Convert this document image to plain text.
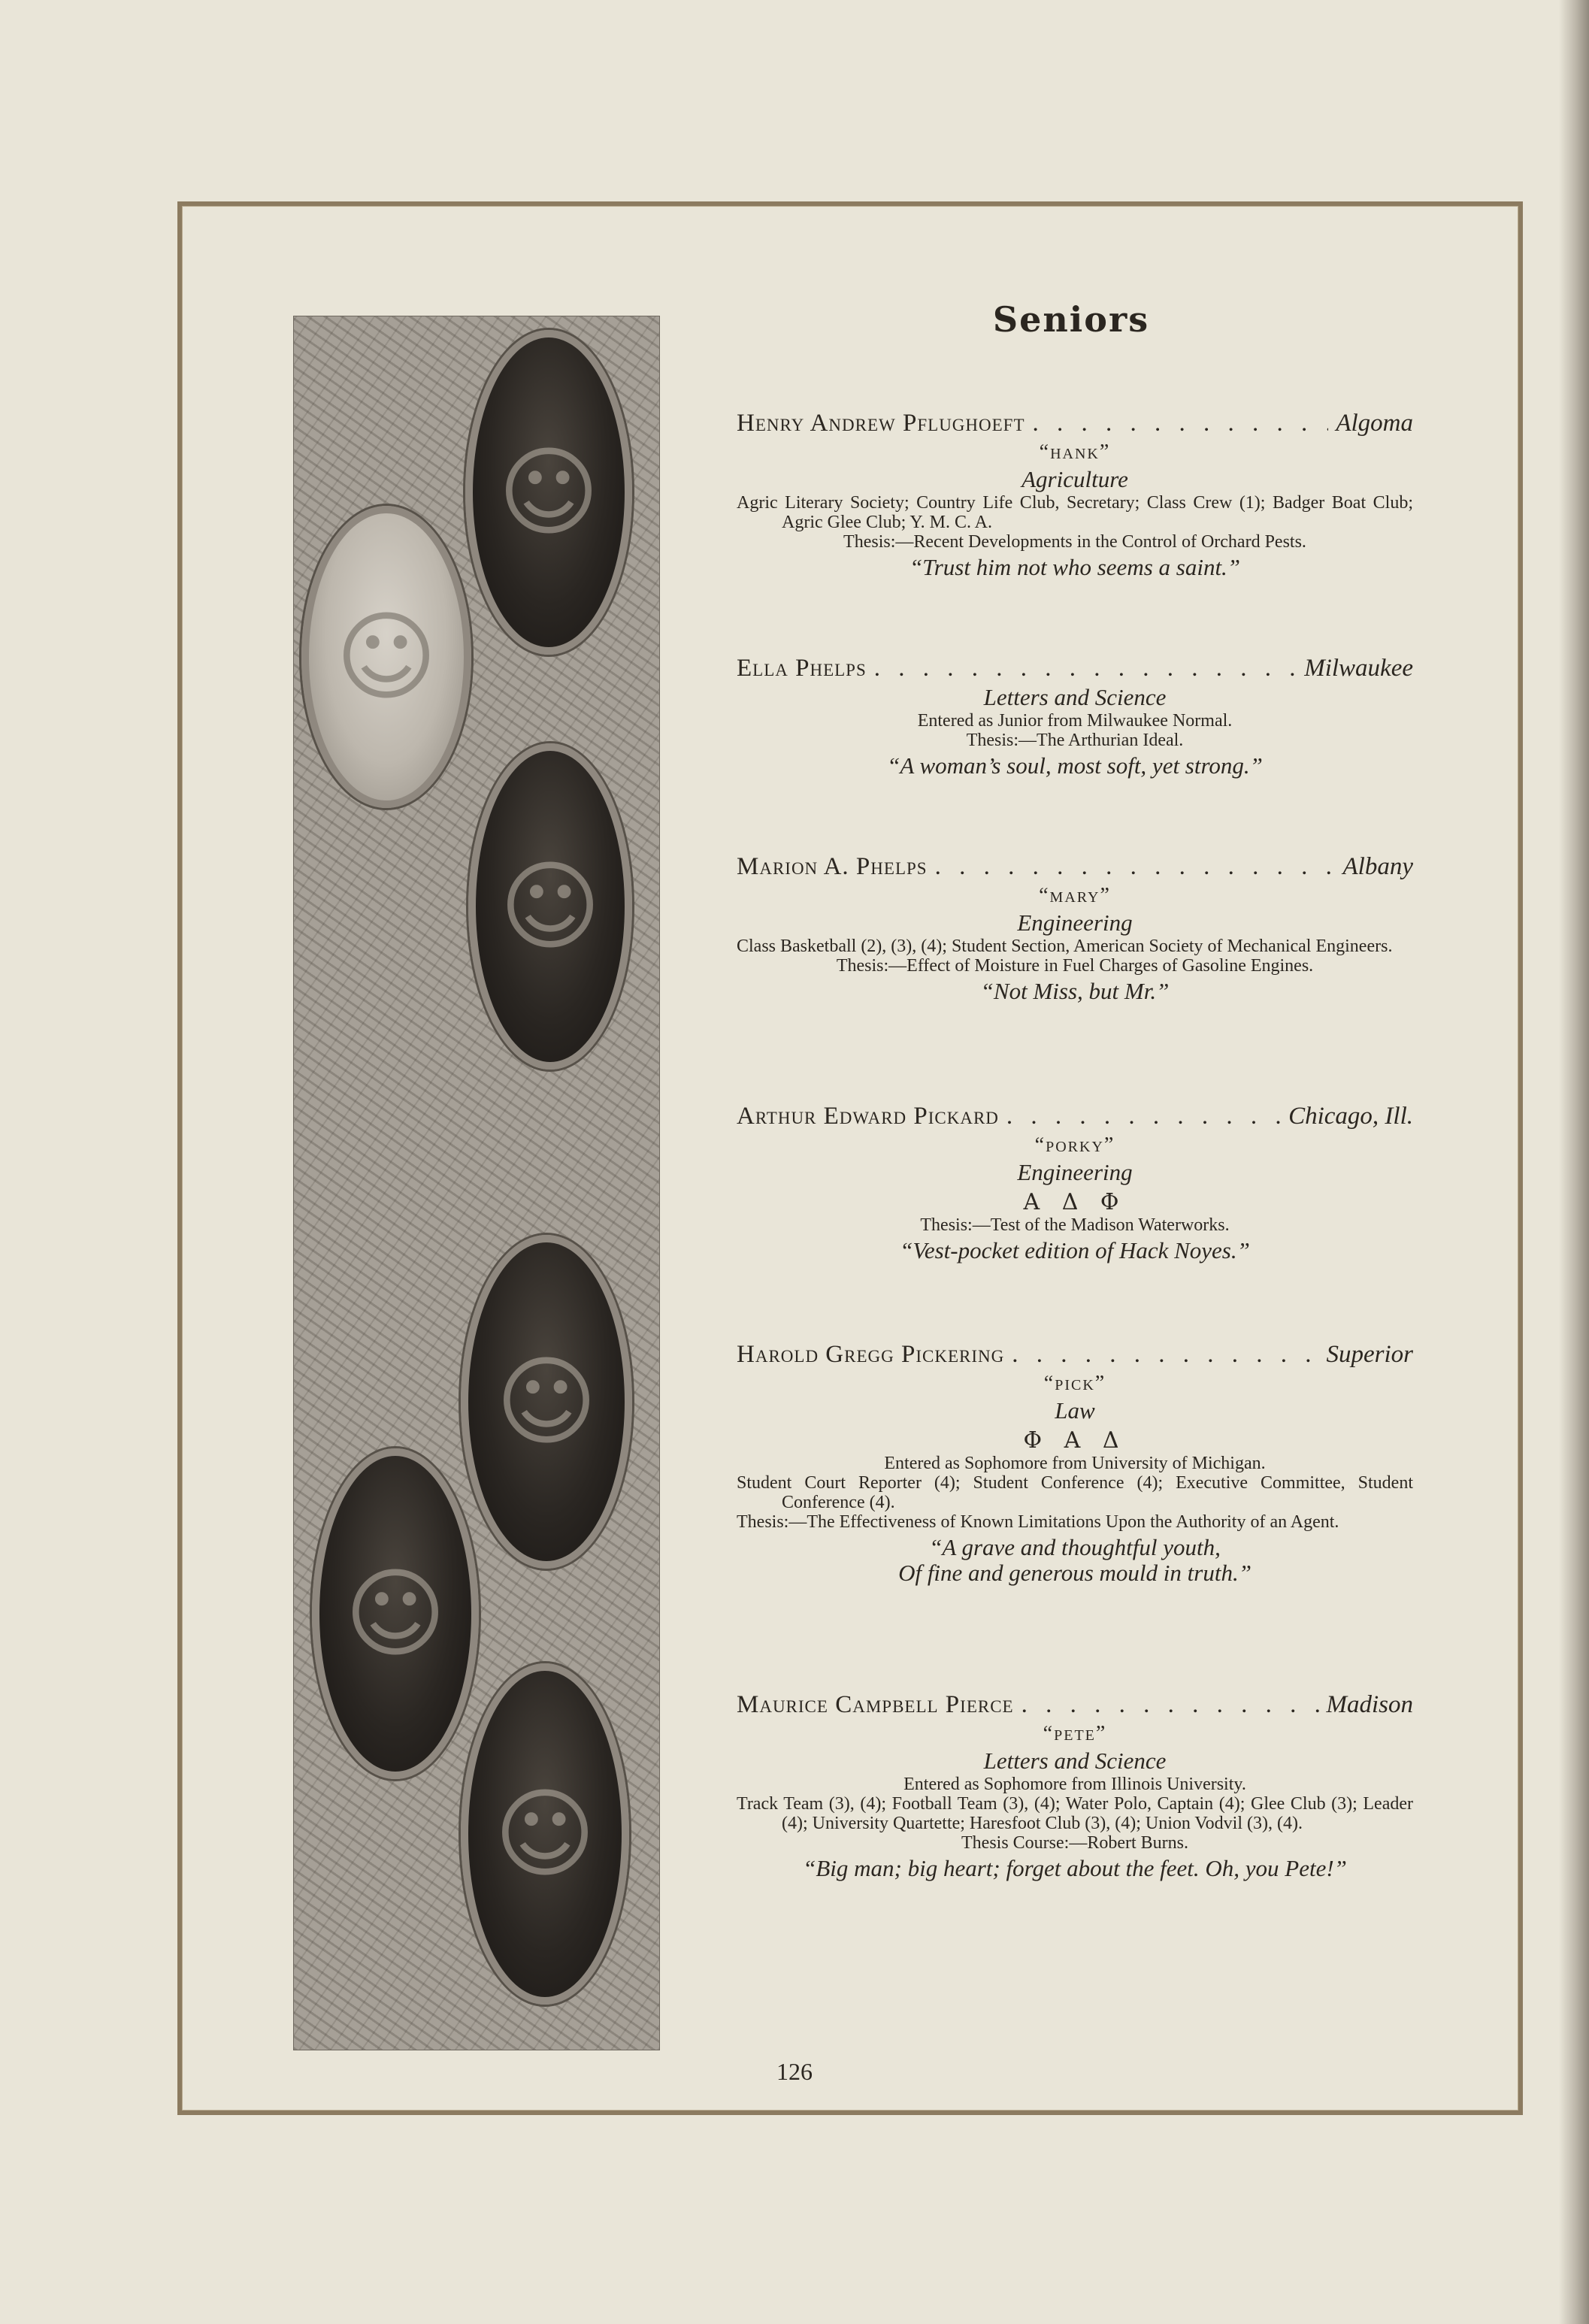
☺
☺
☺
☺
☺
☺
Seniors
Henry Andrew Pflughoeft . . .	Algoma
“hank”
Agriculture
Agric Literary Society; Country Life Club, Secretary; Class Crew (1); Badger Boat Club; Agric Glee Club; Y. M. C. A.
Thesis:—Recent Developments in the Control of Orchard Pests.
“Trust him not who seems a saint.”
Ella Phelps . . .	Milwaukee
Letters and Science
Entered as Junior from Milwaukee Normal.
Thesis:—The Arthurian Ideal.
“A woman’s soul, most soft, yet strong.”
Marion A. Phelps . . .	Albany
“mary”
Engineering
Class Basketball (2), (3), (4); Student Section, American Society of Mechanical Engineers.
Thesis:—Effect of Moisture in Fuel Charges of Gasoline Engines.
“Not Miss, but Mr.”
Arthur Edward Pickard . . .	Chicago, Ill.
“porky”
Engineering
Α Δ Φ
Thesis:—Test of the Madison Waterworks.
“Vest-pocket edition of Hack Noyes.”
Harold Gregg Pickering . . .	Superior
“pick”
Law
Φ Α Δ
Entered as Sophomore from University of Michigan.
Student Court Reporter (4); Student Conference (4); Executive Committee, Student Conference (4).
Thesis:—The Effectiveness of Known Limitations Upon the Authority of an Agent.
“A grave and thoughtful youth,
Of fine and generous mould in truth.”
Maurice Campbell Pierce . . .	Madison
“pete”
Letters and Science
Entered as Sophomore from Illinois University.
Track Team (3), (4); Football Team (3), (4); Water Polo, Captain (4); Glee Club (3); Leader (4); University Quartette; Haresfoot Club (3), (4); Union Vodvil (3), (4).
Thesis Course:—Robert Burns.
“Big man; big heart; forget about the feet. Oh, you Pete!”
126
